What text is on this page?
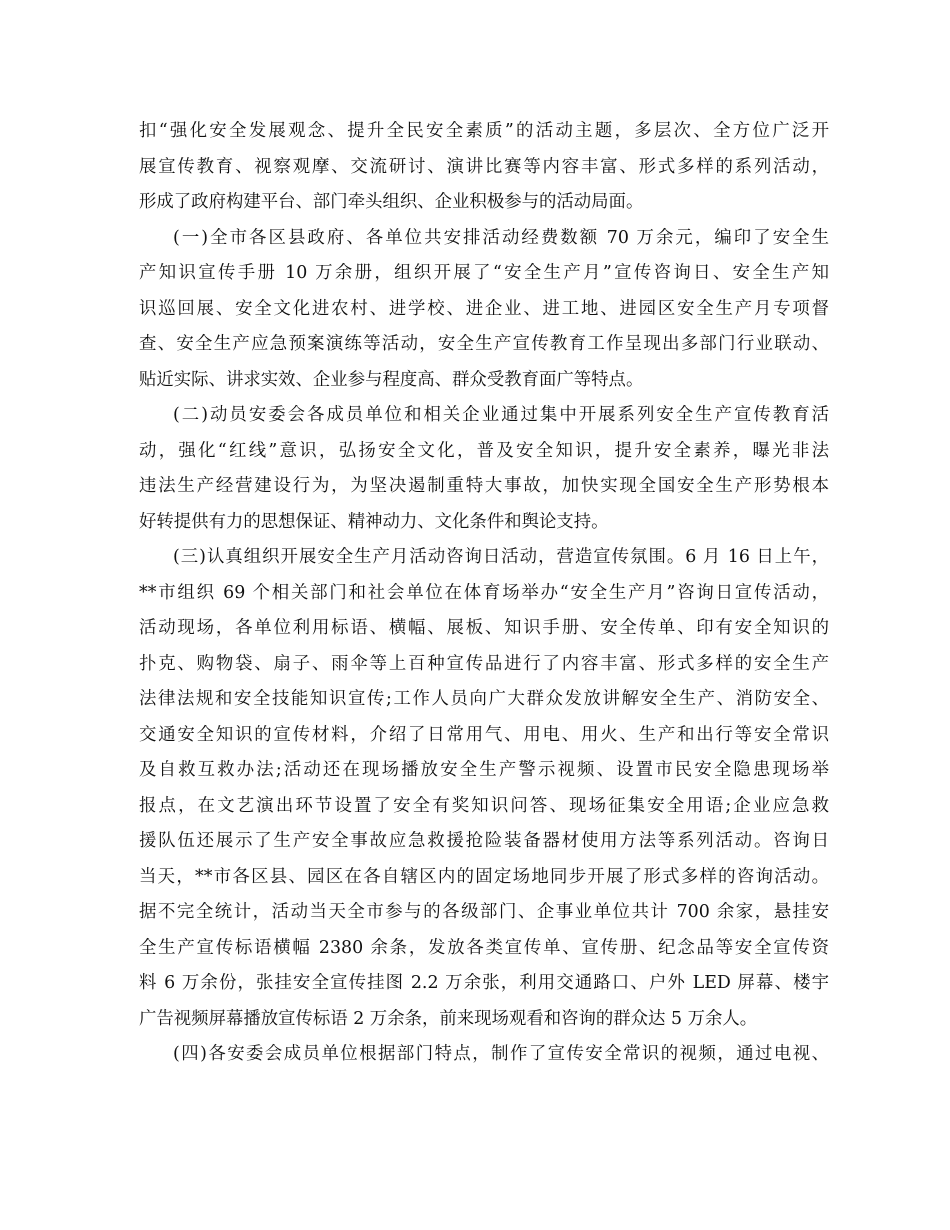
扣“强化安全发展观念、提升全民安全素质”的活动主题，多层次、全方位广泛开
展宣传教育、视察观摩、交流研讨、演讲比赛等内容丰富、形式多样的系列活动，
形成了政府构建平台、部门牵头组织、企业积极参与的活动局面。
(一)全市各区县政府、各单位共安排活动经费数额 70 万余元，编印了安全生
产知识宣传手册 10 万余册，组织开展了“安全生产月”宣传咨询日、安全生产知
识巡回展、安全文化进农村、进学校、进企业、进工地、进园区安全生产月专项督
查、安全生产应急预案演练等活动，安全生产宣传教育工作呈现出多部门行业联动、
贴近实际、讲求实效、企业参与程度高、群众受教育面广等特点。
(二)动员安委会各成员单位和相关企业通过集中开展系列安全生产宣传教育活
动，强化“红线”意识，弘扬安全文化，普及安全知识，提升安全素养，曝光非法
违法生产经营建设行为，为坚决遏制重特大事故，加快实现全国安全生产形势根本
好转提供有力的思想保证、精神动力、文化条件和舆论支持。
(三)认真组织开展安全生产月活动咨询日活动，营造宣传氛围。6 月 16 日上午，
**市组织 69 个相关部门和社会单位在体育场举办“安全生产月”咨询日宣传活动，
活动现场，各单位利用标语、横幅、展板、知识手册、安全传单、印有安全知识的
扑克、购物袋、扇子、雨伞等上百种宣传品进行了内容丰富、形式多样的安全生产
法律法规和安全技能知识宣传;工作人员向广大群众发放讲解安全生产、消防安全、
交通安全知识的宣传材料，介绍了日常用气、用电、用火、生产和出行等安全常识
及自救互救办法;活动还在现场播放安全生产警示视频、设置市民安全隐患现场举
报点，在文艺演出环节设置了安全有奖知识问答、现场征集安全用语;企业应急救
援队伍还展示了生产安全事故应急救援抢险装备器材使用方法等系列活动。咨询日
当天，**市各区县、园区在各自辖区内的固定场地同步开展了形式多样的咨询活动。
据不完全统计，活动当天全市参与的各级部门、企事业单位共计 700 余家，悬挂安
全生产宣传标语横幅 2380 余条，发放各类宣传单、宣传册、纪念品等安全宣传资
料 6 万余份，张挂安全宣传挂图 2.2 万余张，利用交通路口、户外 LED 屏幕、楼宇
广告视频屏幕播放宣传标语 2 万余条，前来现场观看和咨询的群众达 5 万余人。
(四)各安委会成员单位根据部门特点，制作了宣传安全常识的视频，通过电视、
